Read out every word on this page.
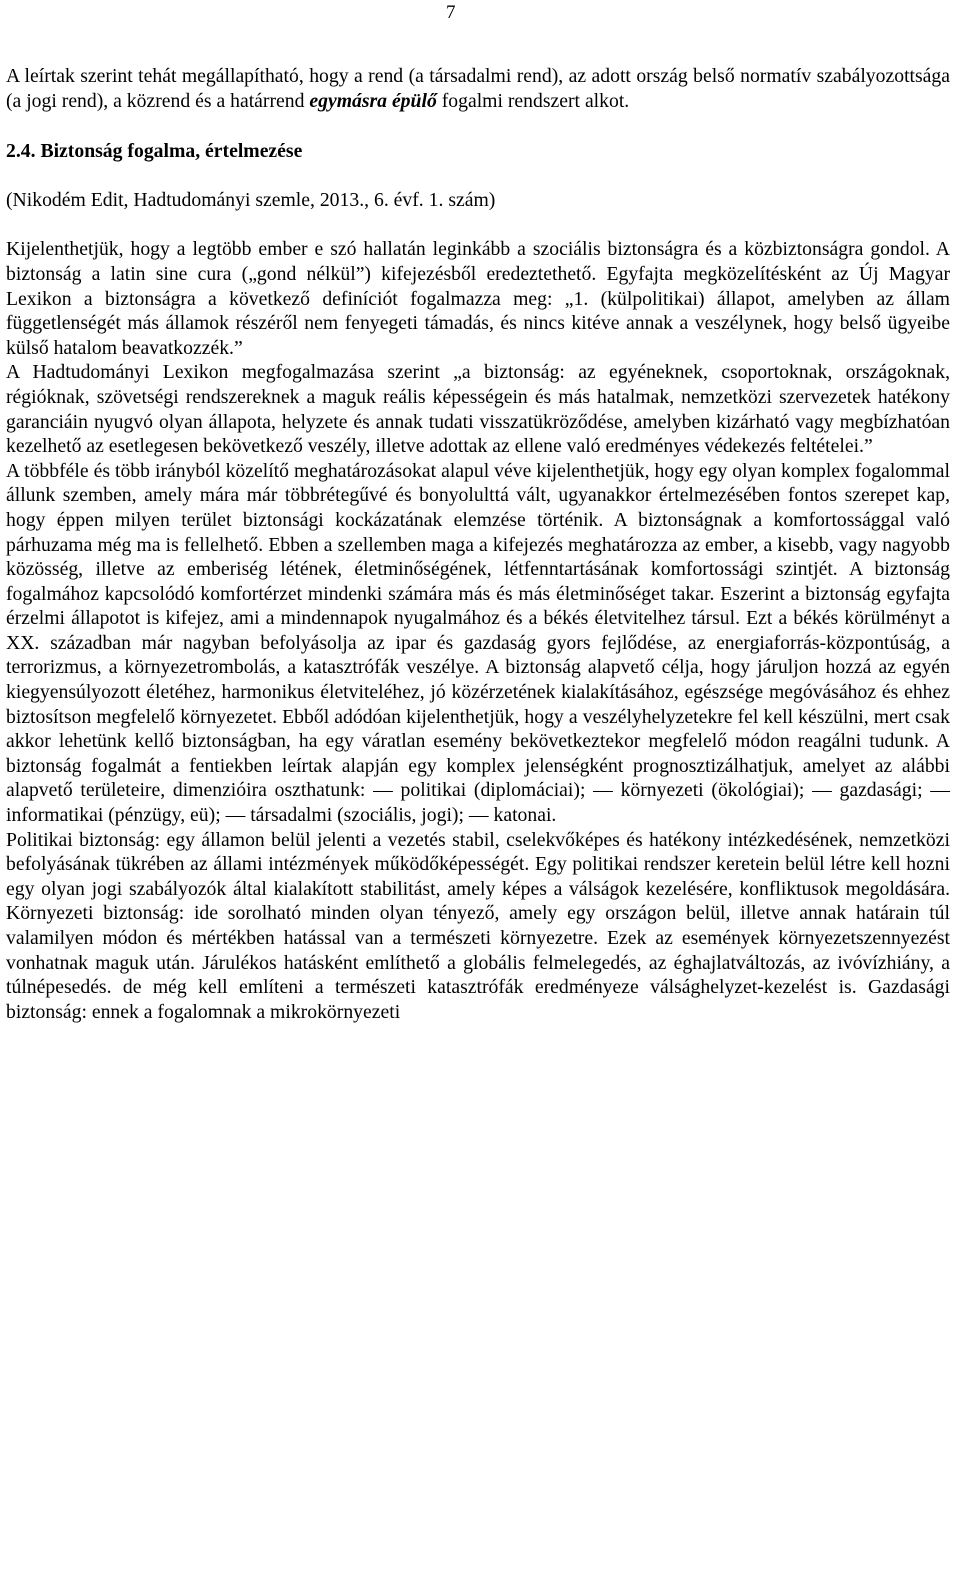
7

A leírtak szerint tehát megállapítható, hogy a rend (a társadalmi rend), az adott ország belső normatív szabályozottsága (a jogi rend), a közrend és a határrend egymásra épülő fogalmi rendszert alkot.

2.4. Biztonság fogalma, értelmezése

(Nikodém Edit, Hadtudományi szemle, 2013., 6. évf. 1. szám)

Kijelenthetjük, hogy a legtöbb ember e szó hallatán leginkább a szociális biztonságra és a közbiztonságra gondol. A biztonság a latin sine cura („gond nélkül”) kifejezésből eredeztethető. Egyfajta megközelítésként az Új Magyar Lexikon a biztonságra a következő definíciót fogalmazza meg: „1. (külpolitikai) állapot, amelyben az állam függetlenségét más államok részéről nem fenyegeti támadás, és nincs kitéve annak a veszélynek, hogy belső ügyeibe külső hatalom beavatkozzék.”

A Hadtudományi Lexikon megfogalmazása szerint „a biztonság: az egyéneknek, csoportoknak, országoknak, régióknak, szövetségi rendszereknek a maguk reális képességein és más hatalmak, nemzetközi szervezetek hatékony garanciáin nyugvó olyan állapota, helyzete és annak tudati visszatükröződése, amelyben kizárható vagy megbízhatóan kezelhető az esetlegesen bekövetkező veszély, illetve adottak az ellene való eredményes védekezés feltételei.”

A többféle és több irányból közelítő meghatározásokat alapul véve kijelenthetjük, hogy egy olyan komplex fogalommal állunk szemben, amely mára már többrétegűvé és bonyolulttá vált, ugyanakkor értelmezésében fontos szerepet kap, hogy éppen milyen terület biztonsági kockázatának elemzése történik. A biztonságnak a komfortossággal való párhuzama még ma is fellelhető. Ebben a szellemben maga a kifejezés meghatározza az ember, a kisebb, vagy nagyobb közösség, illetve az emberiség létének, életminőségének, létfenntartásának komfortossági szintjét. A biztonság fogalmához kapcsolódó komfortérzet mindenki számára más és más életminőséget takar. Eszerint a biztonság egyfajta érzelmi állapotot is kifejez, ami a mindennapok nyugalmához és a békés életvitelhez társul. Ezt a békés körülményt a XX. században már nagyban befolyásolja az ipar és gazdaság gyors fejlődése, az energiaforrás-központúság, a terrorizmus, a környezetrombolás, a katasztrófák veszélye. A biztonság alapvető célja, hogy járuljon hozzá az egyén kiegyensúlyozott életéhez, harmonikus életviteléhez, jó közérzetének kialakításához, egészsége megóvásához és ehhez biztosítson megfelelő környezetet. Ebből adódóan kijelenthetjük, hogy a veszélyhelyzetekre fel kell készülni, mert csak akkor lehetünk kellő biztonságban, ha egy váratlan esemény bekövetkeztekor megfelelő módon reagálni tudunk. A biztonság fogalmát a fentiekben leírtak alapján egy komplex jelenségként prognosztizálhatjuk, amelyet az alábbi alapvető területeire, dimenzióira oszthatunk: ― politikai (diplomáciai); ― környezeti (ökológiai); ― gazdasági; ― informatikai (pénzügy, eü); ― társadalmi (szociális, jogi); ― katonai.

Politikai biztonság: egy államon belül jelenti a vezetés stabil, cselekvőképes és hatékony intézkedésének, nemzetközi befolyásának tükrében az állami intézmények működőképességét. Egy politikai rendszer keretein belül létre kell hozni egy olyan jogi szabályozók által kialakított stabilitást, amely képes a válságok kezelésére, konfliktusok megoldására. Környezeti biztonság: ide sorolható minden olyan tényező, amely egy országon belül, illetve annak határain túl valamilyen módon és mértékben hatással van a természeti környezetre. Ezek az események környezetszennyezést vonhatnak maguk után. Járulékos hatásként említhető a globális felmelegedés, az éghajlatváltozás, az ivóvízhiány, a túlnépesedés. de még kell említeni a természeti katasztrófák eredményeze válsághelyzet-kezelést is. Gazdasági biztonság: ennek a fogalomnak a mikrokörnyezeti
